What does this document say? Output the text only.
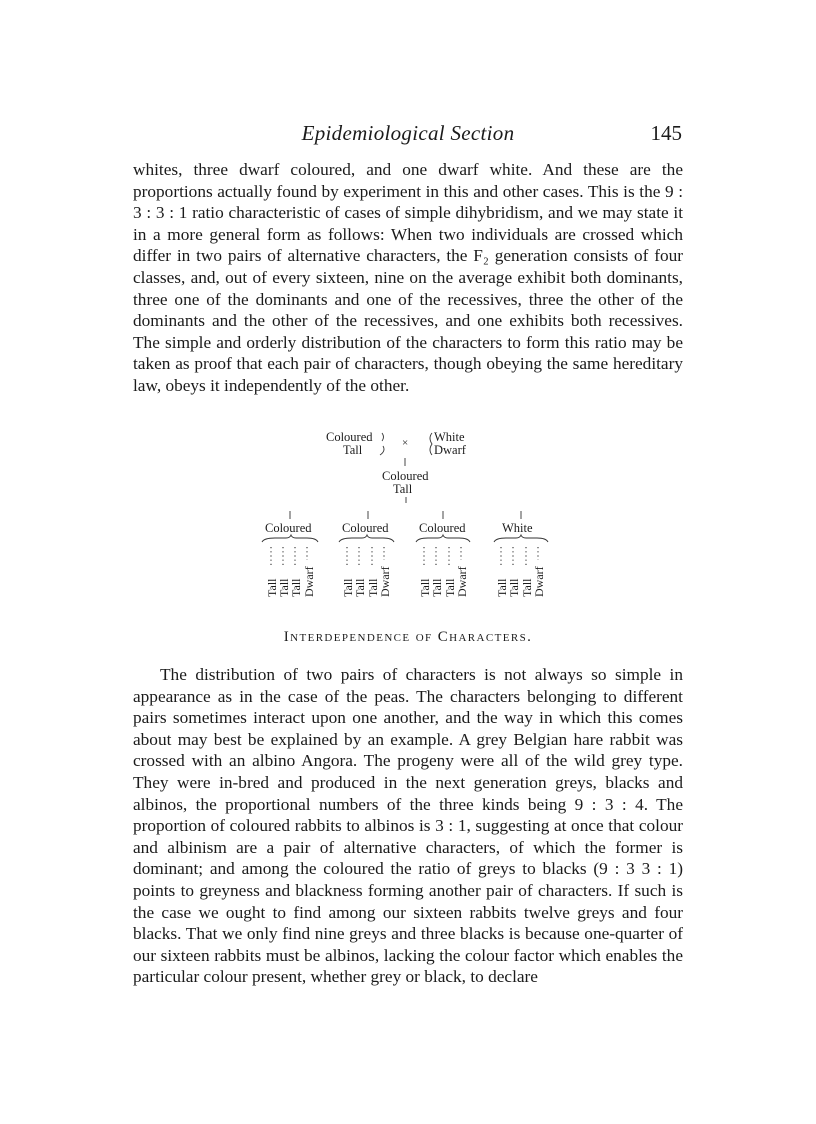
Epidemiological Section	145

whites, three dwarf coloured, and one dwarf white. And these are the proportions actually found by experiment in this and other cases. This is the 9 : 3 : 3 : 1 ratio characteristic of cases of simple dihybridism, and we may state it in a more general form as follows: When two individuals are crossed which differ in two pairs of alternative characters, the F₂ generation consists of four classes, and, out of every sixteen, nine on the average exhibit both dominants, three one of the dominants and one of the recessives, three the other of the dominants and the other of the recessives, and one exhibits both recessives. The simple and orderly distribution of the characters to form this ratio may be taken as proof that each pair of characters, though obeying the same hereditary law, obeys it independently of the other.

Coloured
Tall	× White
Dwarf
Coloured
Tall
Coloured Coloured Coloured	White
Tall
Tall
Tall Dwarf Tall
Tall Tall
Dwarf Tall
Tall Tall
Dwarf Tall
Tall Tall
Dwarf
Interdependence of Characters.

The distribution of two pairs of characters is not always so simple in appearance as in the case of the peas. The characters belonging to different pairs sometimes interact upon one another, and the way in which this comes about may best be explained by an example. A grey Belgian hare rabbit was crossed with an albino Angora. The progeny were all of the wild grey type. They were in-bred and produced in the next generation greys, blacks and albinos, the proportional numbers of the three kinds being 9 : 3 : 4. The proportion of coloured rabbits to albinos is 3 : 1, suggesting at once that colour and albinism are a pair of alternative characters, of which the former is dominant; and among the coloured the ratio of greys to blacks (9 : 3 3 : 1) points to greyness and blackness forming another pair of characters. If such is the case we ought to find among our sixteen rabbits twelve greys and four blacks. That we only find nine greys and three blacks is because one-quarter of our sixteen rabbits must be albinos, lacking the colour factor which enables the particular colour present, whether grey or black, to declare
